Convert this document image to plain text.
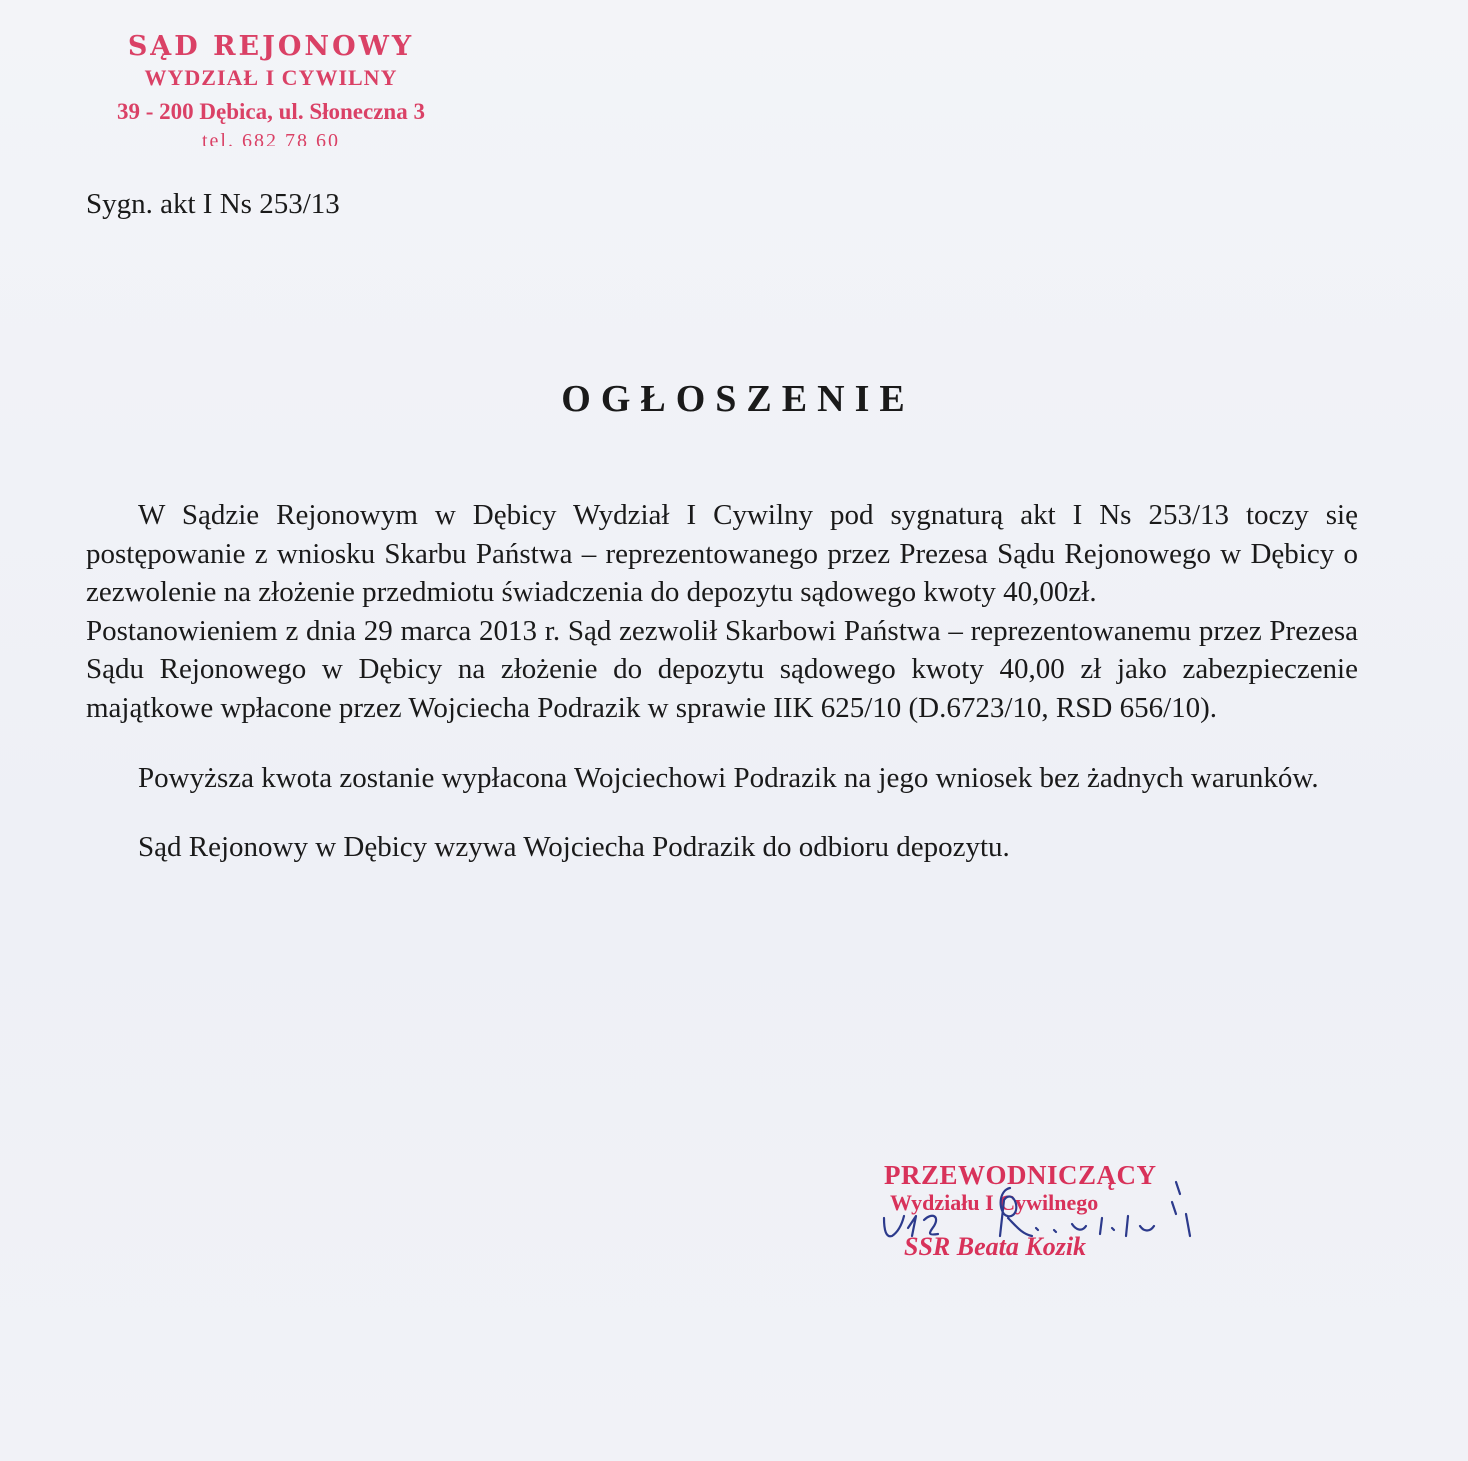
SĄD REJONOWY
WYDZIAŁ I CYWILNY
39 - 200 Dębica, ul. Słoneczna 3
tel. 682 78 60
Sygn. akt I Ns 253/13
OGŁOSZENIE

W Sądzie Rejonowym w Dębicy Wydział I Cywilny pod sygnaturą akt I Ns 253/13 toczy się postępowanie z wniosku Skarbu Państwa – reprezentowanego przez Prezesa Sądu Rejonowego w Dębicy o zezwolenie na złożenie przedmiotu świadczenia do depozytu sądowego kwoty 40,00zł.

Postanowieniem z dnia 29 marca 2013 r. Sąd zezwolił Skarbowi Państwa – reprezentowanemu przez Prezesa Sądu Rejonowego w Dębicy na złożenie do depozytu sądowego kwoty 40,00 zł jako zabezpieczenie majątkowe wpłacone przez Wojciecha Podrazik w sprawie IIK 625/10 (D.6723/10, RSD 656/10).

Powyższa kwota zostanie wypłacona Wojciechowi Podrazik na jego wniosek bez żadnych warunków.

Sąd Rejonowy w Dębicy wzywa Wojciecha Podrazik do odbioru depozytu.

PRZEWODNICZĄCY
Wydziału I Cywilnego
SSR Beata Kozik
